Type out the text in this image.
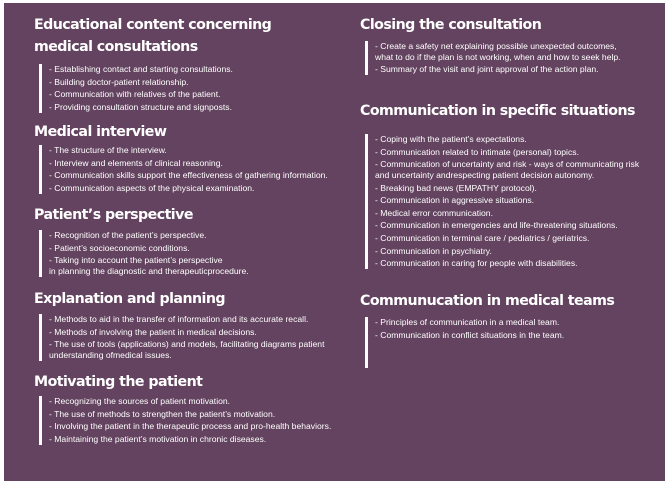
Educational content concerning
medical consultations
- Establishing contact and starting consultations.
- Building doctor-patient relationship.
- Communication with relatives of the patient.
- Providing consultation structure and signposts.
Medical interview
- The structure of the interview.
- Interview and elements of clinical reasoning.
- Communication skills support the effectiveness of gathering information.
- Communication aspects of the physical examination.
Patient’s perspective
- Recognition of the patient’s perspective.
- Patient’s socioeconomic conditions.
- Taking into account the patient’s perspective
in planning the diagnostic and therapeuticprocedure.
Explanation and planning
- Methods to aid in the transfer of information and its accurate recall.
- Methods of involving the patient in medical decisions.
- The use of tools (applications) and models, facilitating diagrams patient
understanding ofmedical issues.
Motivating the patient
- Recognizing the sources of patient motivation.
- The use of methods to strengthen the patient’s motivation.
- Involving the patient in the therapeutic process and pro-health behaviors.
- Maintaining the patient’s motivation in chronic diseases.
Closing the consultation
- Create a safety net explaining possible unexpected outcomes,
what to do if the plan is not working, when and how to seek help.
- Summary of the visit and joint approval of the action plan.
Communication in specific situations
- Coping with the patient’s expectations.
- Communication related to intimate (personal) topics.
- Communication of uncertainty and risk - ways of communicating risk
and uncertainty andrespecting patient decision autonomy.
- Breaking bad news (EMPATHY protocol).
- Communication in aggressive situations.
- Medical error communication.
- Communication in emergencies and life-threatening situations.
- Communication in terminal care / pediatrics / geriatrics.
- Communication in psychiatry.
- Communication in caring for people with disabilities.
Communucation in medical teams
- Principles of communication in a medical team.
- Communication in conflict situations in the team.
